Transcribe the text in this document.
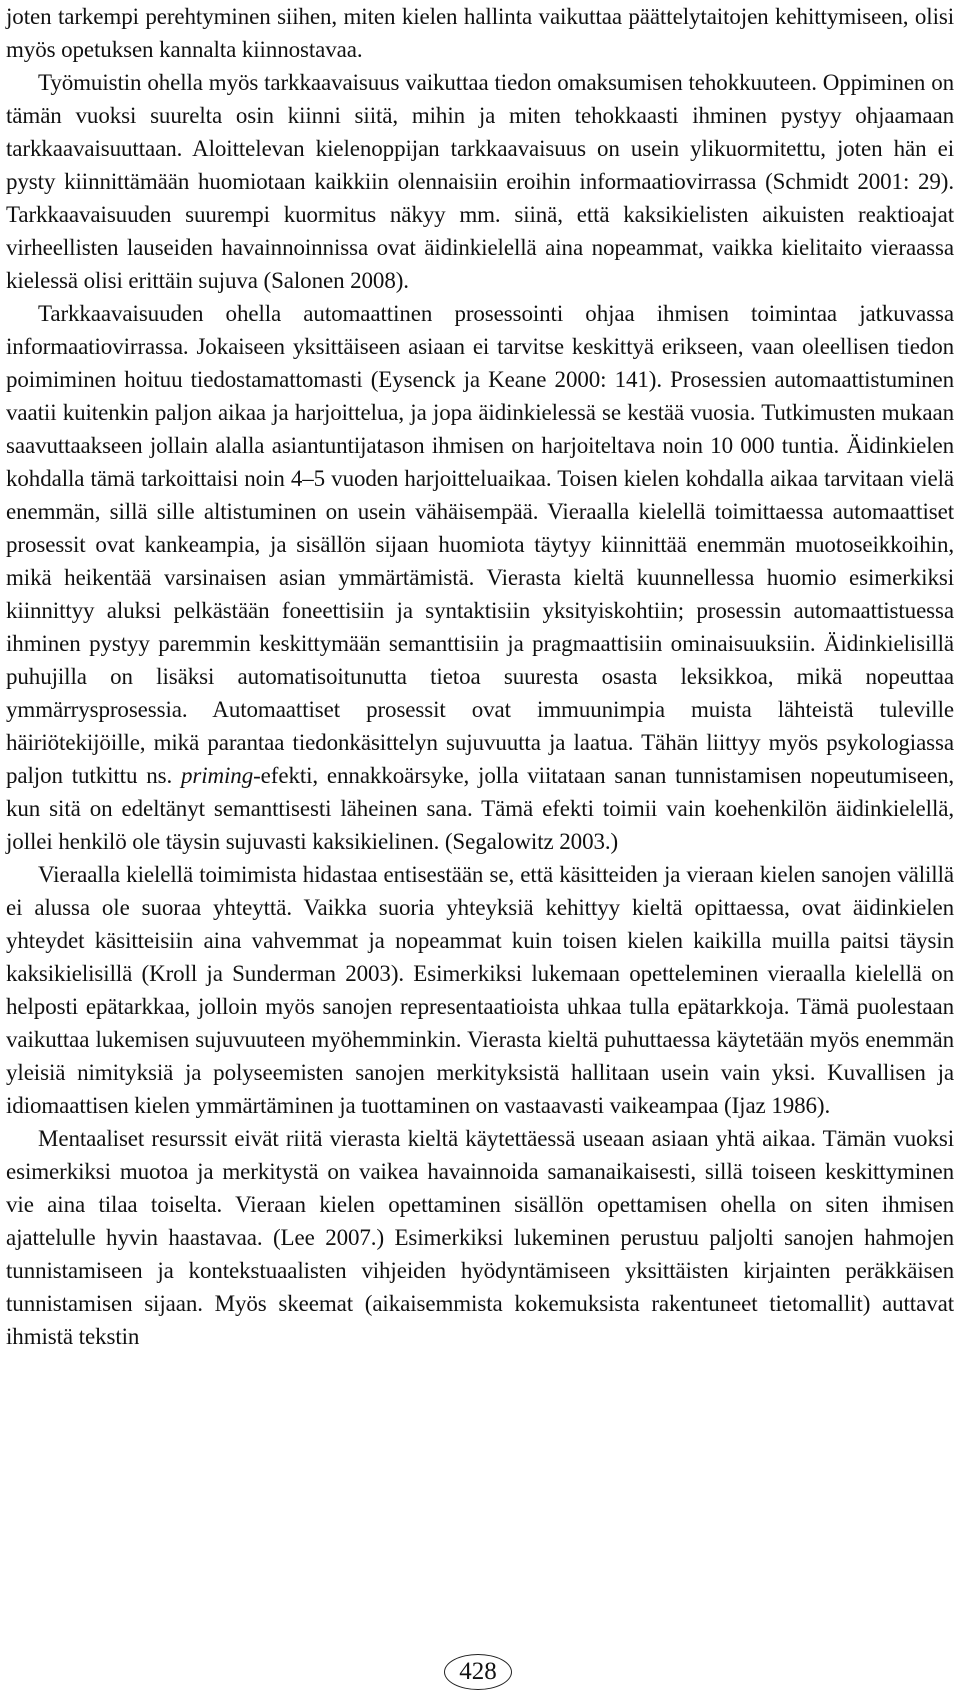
joten tarkempi perehtyminen siihen, miten kielen hallinta vaikuttaa päättelytaitojen kehittymiseen, olisi myös opetuksen kannalta kiinnostavaa.

Työmuistin ohella myös tarkkaavaisuus vaikuttaa tiedon omaksumisen tehokkuuteen. Oppiminen on tämän vuoksi suurelta osin kiinni siitä, mihin ja miten tehokkaasti ihminen pystyy ohjaamaan tarkkaavaisuuttaan. Aloittelevan kielenoppijan tarkkaavaisuus on usein ylikuormitettu, joten hän ei pysty kiinnittämään huomiotaan kaikkiin olennaisiin eroihin informaatiovirrassa (Schmidt 2001: 29). Tarkkaavaisuuden suurempi kuormitus näkyy mm. siinä, että kaksikielisten aikuisten reaktioajat virheellisten lauseiden havainnoinnissa ovat äidinkielellä aina nopeammat, vaikka kielitaito vieraassa kielessä olisi erittäin sujuva (Salonen 2008).

Tarkkaavaisuuden ohella automaattinen prosessointi ohjaa ihmisen toimintaa jatkuvassa informaatiovirrassa. Jokaiseen yksittäiseen asiaan ei tarvitse keskittyä erikseen, vaan oleellisen tiedon poimiminen hoituu tiedostamattomasti (Eysenck ja Keane 2000: 141). Prosessien automaattistuminen vaatii kuitenkin paljon aikaa ja harjoittelua, ja jopa äidinkielessä se kestää vuosia. Tutkimusten mukaan saavuttaakseen jollain alalla asiantuntijatason ihmisen on harjoiteltava noin 10 000 tuntia. Äidinkielen kohdalla tämä tarkoittaisi noin 4–5 vuoden harjoitteluaikaa. Toisen kielen kohdalla aikaa tarvitaan vielä enemmän, sillä sille altistuminen on usein vähäisempää. Vieraalla kielellä toimittaessa automaattiset prosessit ovat kankeampia, ja sisällön sijaan huomiota täytyy kiinnittää enemmän muotoseikkoihin, mikä heikentää varsinaisen asian ymmärtämistä. Vierasta kieltä kuunnellessa huomio esimerkiksi kiinnittyy aluksi pelkästään foneettisiin ja syntaktisiin yksityiskohtiin; prosessin automaattistuessa ihminen pystyy paremmin keskittymään semanttisiin ja pragmaattisiin ominaisuuksiin. Äidinkielisillä puhujilla on lisäksi automatisoitunutta tietoa suuresta osasta leksikkoa, mikä nopeuttaa ymmärrysprosessia. Automaattiset prosessit ovat immuunimpia muista lähteistä tuleville häiriötekijöille, mikä parantaa tiedonkäsittelyn sujuvuutta ja laatua. Tähän liittyy myös psykologiassa paljon tutkittu ns. priming-efekti, ennakkoärsyke, jolla viitataan sanan tunnistamisen nopeutumiseen, kun sitä on edeltänyt semanttisesti läheinen sana. Tämä efekti toimii vain koehenkilön äidinkielellä, jollei henkilö ole täysin sujuvasti kaksikielinen. (Segalowitz 2003.)

Vieraalla kielellä toimimista hidastaa entisestään se, että käsitteiden ja vieraan kielen sanojen välillä ei alussa ole suoraa yhteyttä. Vaikka suoria yhteyksiä kehittyy kieltä opittaessa, ovat äidinkielen yhteydet käsitteisiin aina vahvemmat ja nopeammat kuin toisen kielen kaikilla muilla paitsi täysin kaksikielisillä (Kroll ja Sunderman 2003). Esimerkiksi lukemaan opetteleminen vieraalla kielellä on helposti epätarkkaa, jolloin myös sanojen representaatioista uhkaa tulla epätarkkoja. Tämä puolestaan vaikuttaa lukemisen sujuvuuteen myöhemminkin. Vierasta kieltä puhuttaessa käytetään myös enemmän yleisiä nimityksiä ja polyseemisten sanojen merkityksistä hallitaan usein vain yksi. Kuvallisen ja idiomaattisen kielen ymmärtäminen ja tuottaminen on vastaavasti vaikeampaa (Ijaz 1986).

Mentaaliset resurssit eivät riitä vierasta kieltä käytettäessä useaan asiaan yhtä aikaa. Tämän vuoksi esimerkiksi muotoa ja merkitystä on vaikea havainnoida samanaikaisesti, sillä toiseen keskittyminen vie aina tilaa toiselta. Vieraan kielen opettaminen sisällön opettamisen ohella on siten ihmisen ajattelulle hyvin haastavaa. (Lee 2007.) Esimerkiksi lukeminen perustuu paljolti sanojen hahmojen tunnistamiseen ja kontekstuaalisten vihjeiden hyödyntämiseen yksittäisten kirjainten peräkkäisen tunnistamisen sijaan. Myös skeemat (aikaisemmista kokemuksista rakentuneet tietomallit) auttavat ihmistä tekstin

428
